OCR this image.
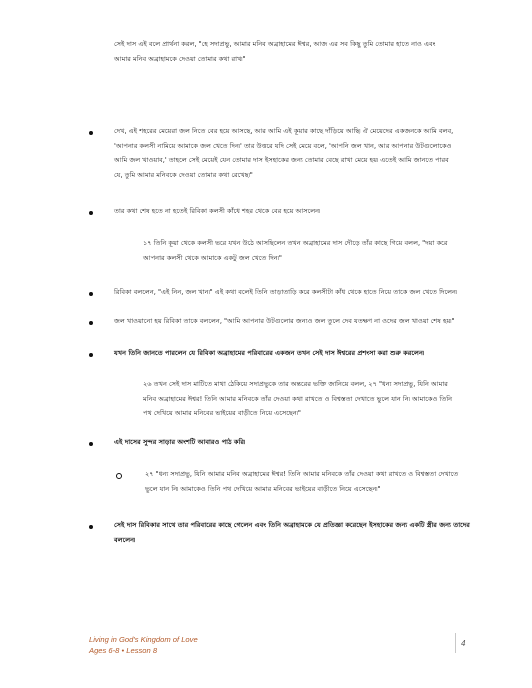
সেই দাস এই বলে প্রার্থনা করল, "হে সদাপ্রভু, আমার মনিব অব্রাহামের ঈশ্বর, আজ এর সব কিছু তুমি তোমার হাতে নাও এবং আমার মনিব অব্রাহামকে দেওয়া তোমার কথা রাখ৷"
দেখ, এই শহরের মেয়েরা জল নিতে বের হয়ে আসছে, আর আমি এই কূয়ার কাছে দাঁড়িয়ে আছি৷ ঐ মেয়েদের একজনকে আমি বলব, 'আপনার কলসী নামিয়ে আমাকে জল খেতে দিন৷' তার উত্তরে যদি সেই মেয়ে বলে, 'আপনি জল খান, আর আপনার উটগুলোকেও আমি জল খাওয়াব,' তাহলে সেই মেয়েই যেন তোমার দাস ইসহাকের জন্য তোমার বেছে রাখা মেয়ে হয়৷ এতেই আমি জানতে পারব যে, তুমি আমার মনিবকে দেওয়া তোমার কথা রেখেছ৷"
তার কথা শেষ হতে না হতেই রিবিকা কলসী কাঁধে শহর থেকে বের হয়ে আসলেন৷
১৭ তিনি কূয়া থেকে কলসী ভরে যখন উঠে আসছিলেন তখন অব্রাহামের দাস দৌড়ে তাঁর কাছে গিয়ে বলল, "দয়া করে আপনার কলসী থেকে আমাকে একটু জল খেতে দিন৷"
রিবিকা বললেন, "এই নিন, জল খান৷" এই কথা বলেই তিনি তাড়াতাড়ি করে কলসীটা কাঁধ থেকে হাতে নিয়ে তাকে জল খেতে দিলেন৷
জল খাওয়ানো হয় রিবিকা তাকে বললেন, "আমি আপনার উটগুলোর জন্যও জল তুলে দেব যতক্ষণ না ওদের জল খাওয়া শেষ হয়৷"
যখন তিনি জানতে পারলেন যে রিবিকা অব্রাহামের পরিবারের একজন তখন সেই দাস ঈশ্বরের প্রশংসা করা শুরু করলেন৷
২৬ তখন সেই দাস মাটিতে মাথা ঠেকিয়ে সদাপ্রভুকে তার অন্তরের ভক্তি জানিয়ে বলল, ২৭ "ধন্য সদাপ্রভু, যিনি আমার মনিব অব্রাহামের ঈশ্বর! তিনি আমার মনিবকে তাঁর দেওয়া কথা রাখতে ও বিশ্বস্ততা দেখাতে ভুলে যান নি৷ আমাকেও তিনি পথ দেখিয়ে আমার মনিবের ভাইয়ের বাড়ীতে নিয়ে এসেছেন৷"
এই দাসের সুন্দর সাড়ার অংশটি আবারও পাঠ করি৷
২৭ "ধন্য সদাপ্রভু, যিনি আমার মনিব অব্রাহামের ঈশ্বর! তিনি আমার মনিবকে তাঁর দেওয়া কথা রাখতে ও বিশ্বস্ততা দেখাতে ভুলে যান নি৷ আমাকেও তিনি পথ দেখিয়ে আমার মনিবের ভাইয়ের বাড়ীতে নিয়ে এসেছেন৷"
সেই দাস রিবিকার সাথে তার পরিবারের কাছে গেলেন এবং তিনি অব্রাহামকে যে প্রতিজ্ঞা করেছেন ইসহাকের জন্য একটি স্ত্রীর জন্য তাদের বললেন৷
Living in God's Kingdom of Love
Ages 6-8 • Lesson 8
4
